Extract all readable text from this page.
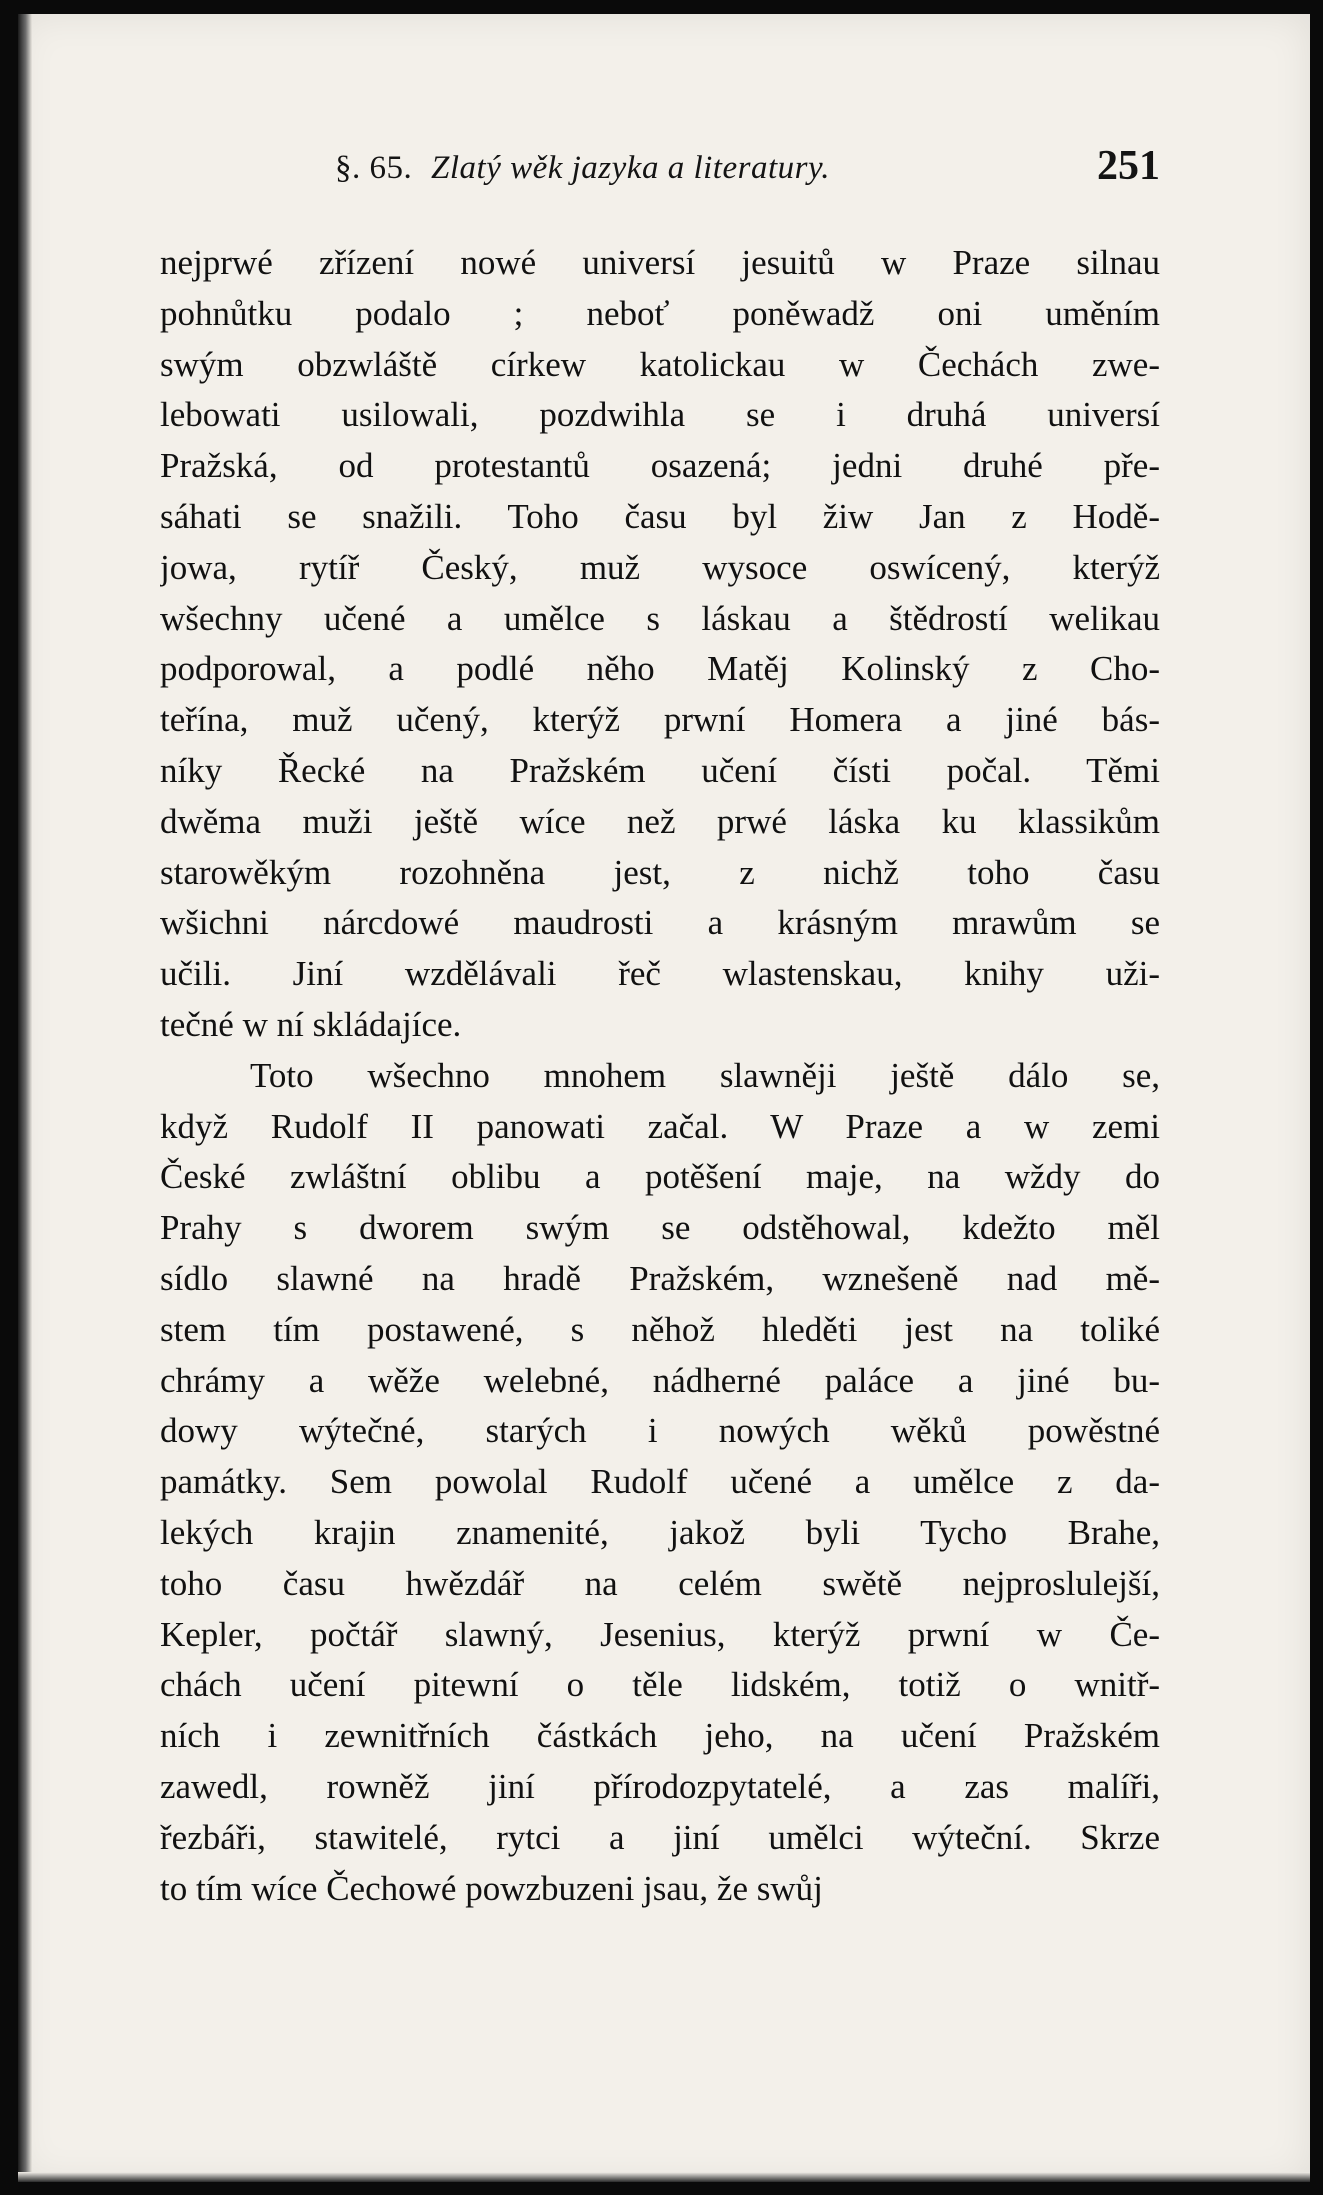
§. 65. Zlatý wěk jazyka a literatury.	251
nejprwé zřízení nowé universí jesuitů w Praze silnau
pohnůtku podalo ; neboť poněwadž oni uměním
swým obzwláště církew katolickau w Čechách zwe-
lebowati usilowali, pozdwihla se i druhá universí
Pražská, od protestantů osazená; jedni druhé pře-
sáhati se snažili. Toho času byl žiw Jan z Hodě-
jowa, rytíř Český, muž wysoce oswícený, kterýž
wšechny učené a umělce s láskau a štědrostí welikau
podporowal, a podlé něho Matěj Kolinský z Cho-
teřína, muž učený, kterýž prwní Homera a jiné bás-
níky Řecké na Pražském učení čísti počal. Těmi
dwěma muži ještě wíce než prwé láska ku klassikům
starowěkým rozohněna jest, z nichž toho času
wšichni nárcdowé maudrosti a krásným mrawům se
učili. Jiní wzdělávali řeč wlastenskau, knihy uži-
tečné w ní skládajíce.
Toto wšechno mnohem slawněji ještě dálo se,
když Rudolf II panowati začal. W Praze a w zemi
České zwláštní oblibu a potěšení maje, na wždy do
Prahy s dworem swým se odstěhowal, kdežto měl
sídlo slawné na hradě Pražském, wznešeně nad mě-
stem tím postawené, s něhož hleděti jest na toliké
chrámy a wěže welebné, nádherné paláce a jiné bu-
dowy wýtečné, starých i nowých wěků powěstné
památky. Sem powolal Rudolf učené a umělce z da-
lekých krajin znamenité, jakož byli Tycho Brahe,
toho času hwězdář na celém swětě nejproslulejší,
Kepler, počtář slawný, Jesenius, kterýž prwní w Če-
chách učení pitewní o těle lidském, totiž o wnitř-
ních i zewnitřních částkách jeho, na učení Pražském
zawedl, rowněž jiní přírodozpytatelé, a zas malíři,
řezbáři, stawitelé, rytci a jiní umělci wýteční. Skrze
to tím wíce Čechowé powzbuzeni jsau, že swůj
